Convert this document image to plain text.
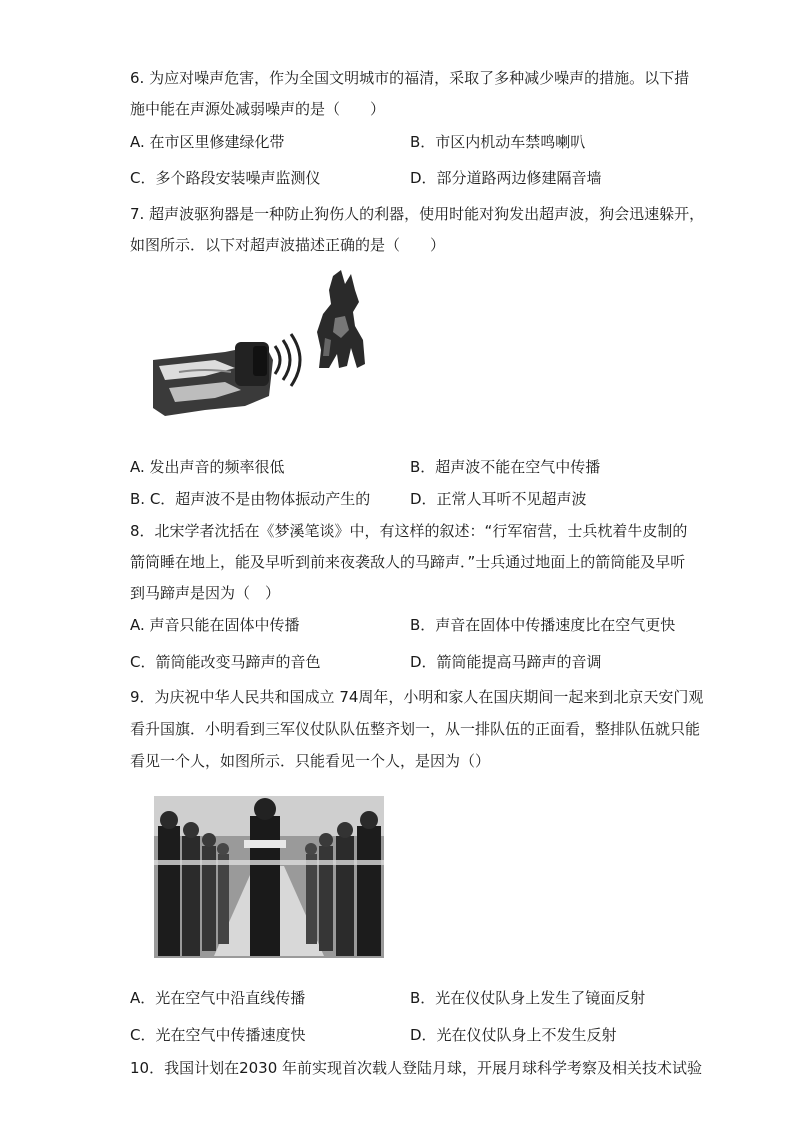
6. 为应对噪声危害，作为全国文明城市的福清，采取了多种减少噪声的措施。以下措
施中能在声源处减弱噪声的是（　　）
A. 在市区里修建绿化带	B．市区内机动车禁鸣喇叭
C．多个路段安装噪声监测仪	D．部分道路两边修建隔音墙
7. 超声波驱狗器是一种防止狗伤人的利器，使用时能对狗发出超声波，狗会迅速躲开，
如图所示．以下对超声波描述正确的是（　　）
A. 发出声音的频率很低	B．超声波不能在空气中传播
B. C．超声波不是由物体振动产生的	D．正常人耳听不见超声波
8．北宋学者沈括在《梦溪笔谈》中，有这样的叙述：“行军宿营，士兵枕着牛皮制的
箭筒睡在地上，能及早听到前来夜袭敌人的马蹄声．”士兵通过地面上的箭筒能及早听
到马蹄声是因为（　）
A. 声音只能在固体中传播	B．声音在固体中传播速度比在空气更快
C．箭筒能改变马蹄声的音色	D．箭筒能提高马蹄声的音调
9．为庆祝中华人民共和国成立 74周年，小明和家人在国庆期间一起来到北京天安门观
看升国旗．小明看到三军仪仗队队伍整齐划一，从一排队伍的正面看，整排队伍就只能
看见一个人，如图所示．只能看见一个人，是因为（）
A．光在空气中沿直线传播	B．光在仪仗队身上发生了镜面反射
C．光在空气中传播速度快	D．光在仪仗队身上不发生反射
10．我国计划在2030 年前实现首次载人登陆月球，开展月球科学考察及相关技术试验
